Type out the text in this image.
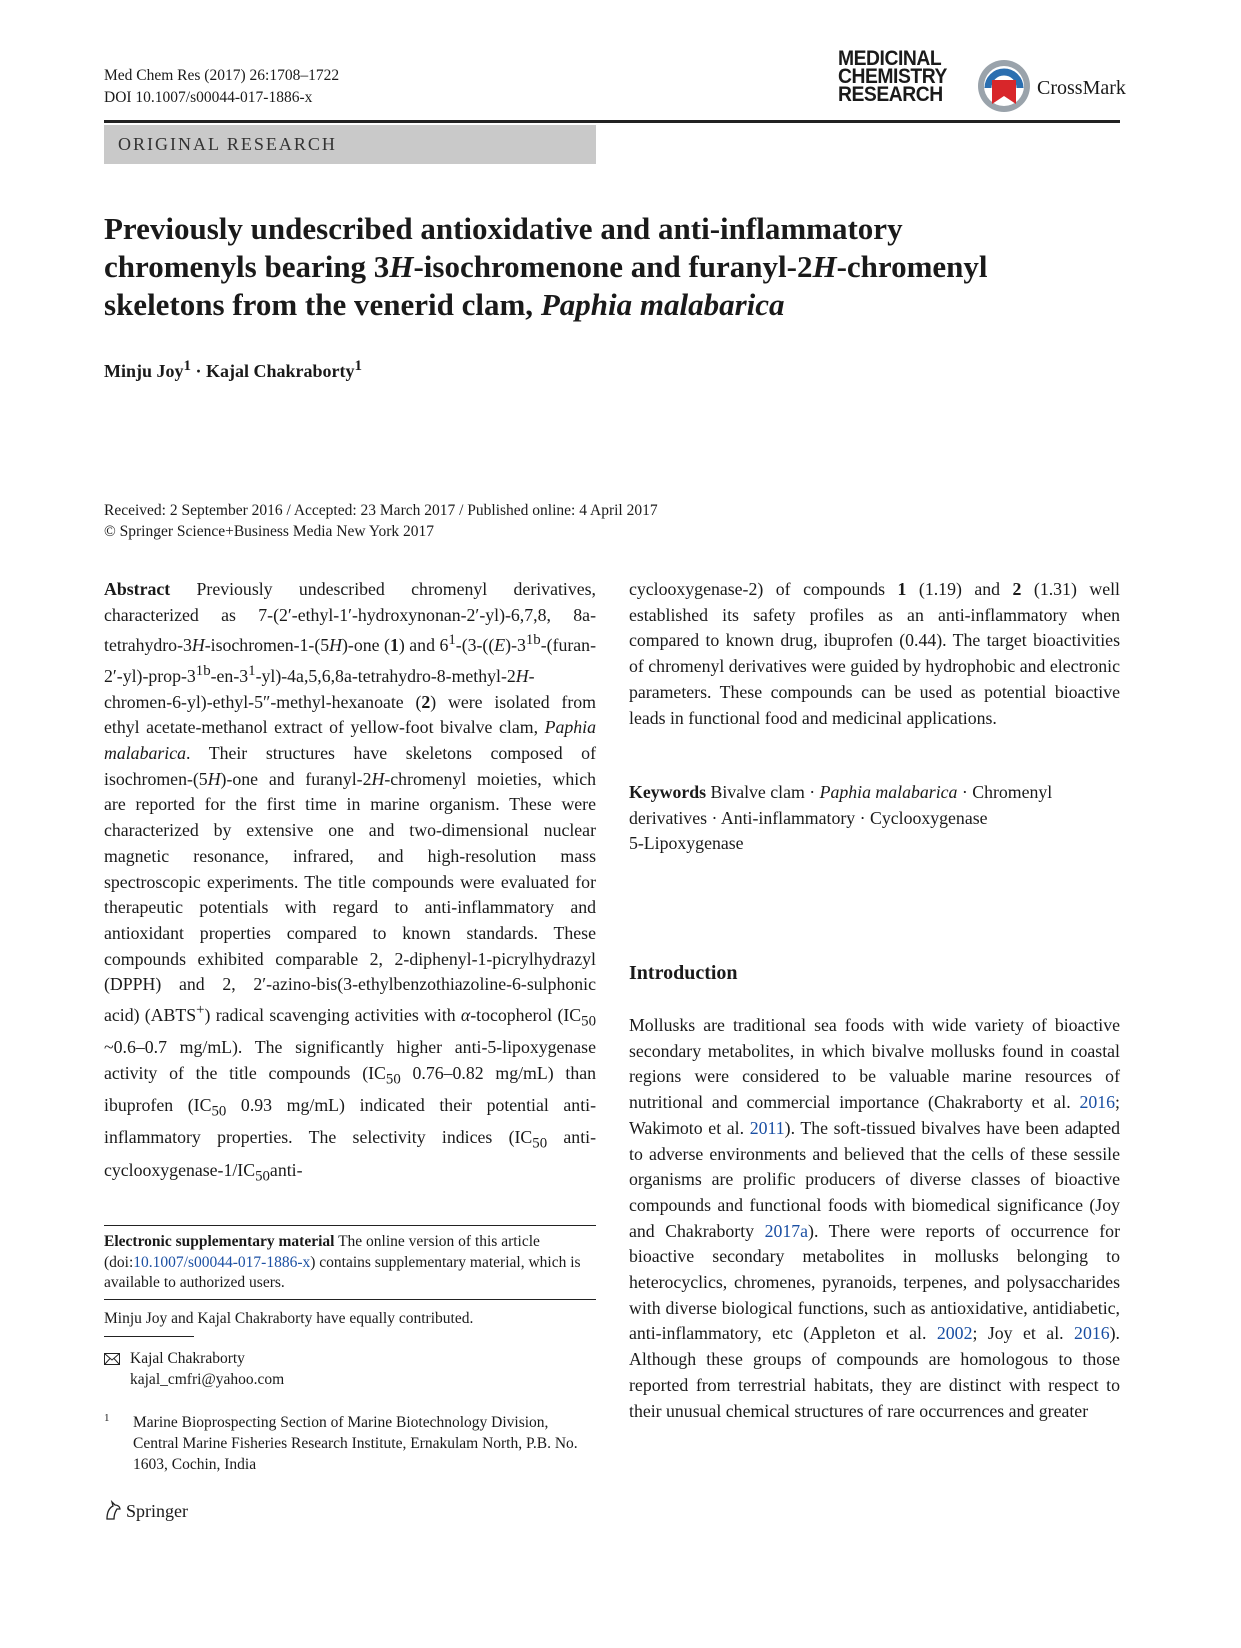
Med Chem Res (2017) 26:1708–1722
DOI 10.1007/s00044-017-1886-x
MEDICINAL
CHEMISTRY
RESEARCH	CrossMark
ORIGINAL RESEARCH
Previously undescribed antioxidative and anti-inflammatory
chromenyls bearing 3H-isochromenone and furanyl-2H-chromenyl
skeletons from the venerid clam, Paphia malabarica
Minju Joy$^1$ · Kajal Chakraborty$^1$
Received: 2 September 2016 / Accepted: 23 March 2017 / Published online: 4 April 2017
© Springer Science+Business Media New York 2017
Abstract Previously undescribed chromenyl derivatives, characterized as 7-(2′-ethyl-1′-hydroxynonan-2′-yl)-6,7,8, 8a-tetrahydro-3H-isochromen-1-(5H)-one (1) and $6^1-(3-((E)-3^{1b}-(furan-2'-yl)-prop-3^{1b}-en-3^1-yl)-4a,5,6,8a-tetrahydro-8-methyl-2H-chromen-6-yl)-ethyl-5''-methyl$-hexanoate (2) were isolated from ethyl acetate-methanol extract of yellow-foot bivalve clam, Paphia malabarica. Their structures have skeletons composed of isochromen-(5H)-one and furanyl-2H-chromenyl moieties, which are reported for the first time in marine organism. These were characterized by extensive one and two-dimensional nuclear magnetic resonance, infrared, and high-resolution mass spectroscopic experiments. The title compounds were evaluated for therapeutic potentials with regard to anti-inflammatory and antioxidant properties compared to known standards. These compounds exhibited comparable 2, 2-diphenyl-1-picrylhydrazyl (DPPH) and 2, 2′-azino-bis(3-ethylbenzothiazoline-6-sulphonic acid) (ABTS+) radical scavenging activities with α-tocopherol ($IC_{50}$ ~0.6–0.7 mg/mL). The significantly higher anti-5-lipoxygenase activity of the title compounds ($IC_{50}$ 0.76–0.82 mg/mL) than ibuprofen ($IC_{50}$ 0.93 mg/mL) indicated their potential anti-inflammatory properties. The selectivity indices ($IC_{50}$ anti-$cyclooxygenase-1/IC_{50}anti-$
cyclooxygenase-2) of compounds 1 (1.19) and 2 (1.31) well established its safety profiles as an anti-inflammatory when compared to known drug, ibuprofen (0.44). The target bioactivities of chromenyl derivatives were guided by hydrophobic and electronic parameters. These compounds can be used as potential bioactive leads in functional food and medicinal applications.
Keywords Bivalve clam · Paphia malabarica · Chromenyl derivatives · Anti-inflammatory · Cyclooxygenase
5-Lipoxygenase
Introduction
Mollusks are traditional sea foods with wide variety of bioactive secondary metabolites, in which bivalve mollusks found in coastal regions were considered to be valuable marine resources of nutritional and commercial importance (Chakraborty et al. 2016; Wakimoto et al. 2011). The soft-tissued bivalves have been adapted to adverse environments and believed that the cells of these sessile organisms are prolific producers of diverse classes of bioactive compounds and functional foods with biomedical significance (Joy and Chakraborty 2017a). There were reports of occurrence for bioactive secondary metabolites in mollusks belonging to heterocyclics, chromenes, pyranoids, terpenes, and polysaccharides with diverse biological functions, such as antioxidative, antidiabetic, anti-inflammatory, etc (Appleton et al. 2002; Joy et al. 2016). Although these groups of compounds are homologous to those reported from terrestrial habitats, they are distinct with respect to their unusual chemical structures of rare occurrences and greater
Electronic supplementary material The online version of this article (doi:10.1007/s00044-017-1886-x) contains supplementary material, which is available to authorized users.
Minju Joy and Kajal Chakraborty have equally contributed.
Kajal Chakraborty
kajal_cmfri@yahoo.com
1 Marine Bioprospecting Section of Marine Biotechnology Division, Central Marine Fisheries Research Institute, Ernakulam North, P.B. No. 1603, Cochin, India
Springer
